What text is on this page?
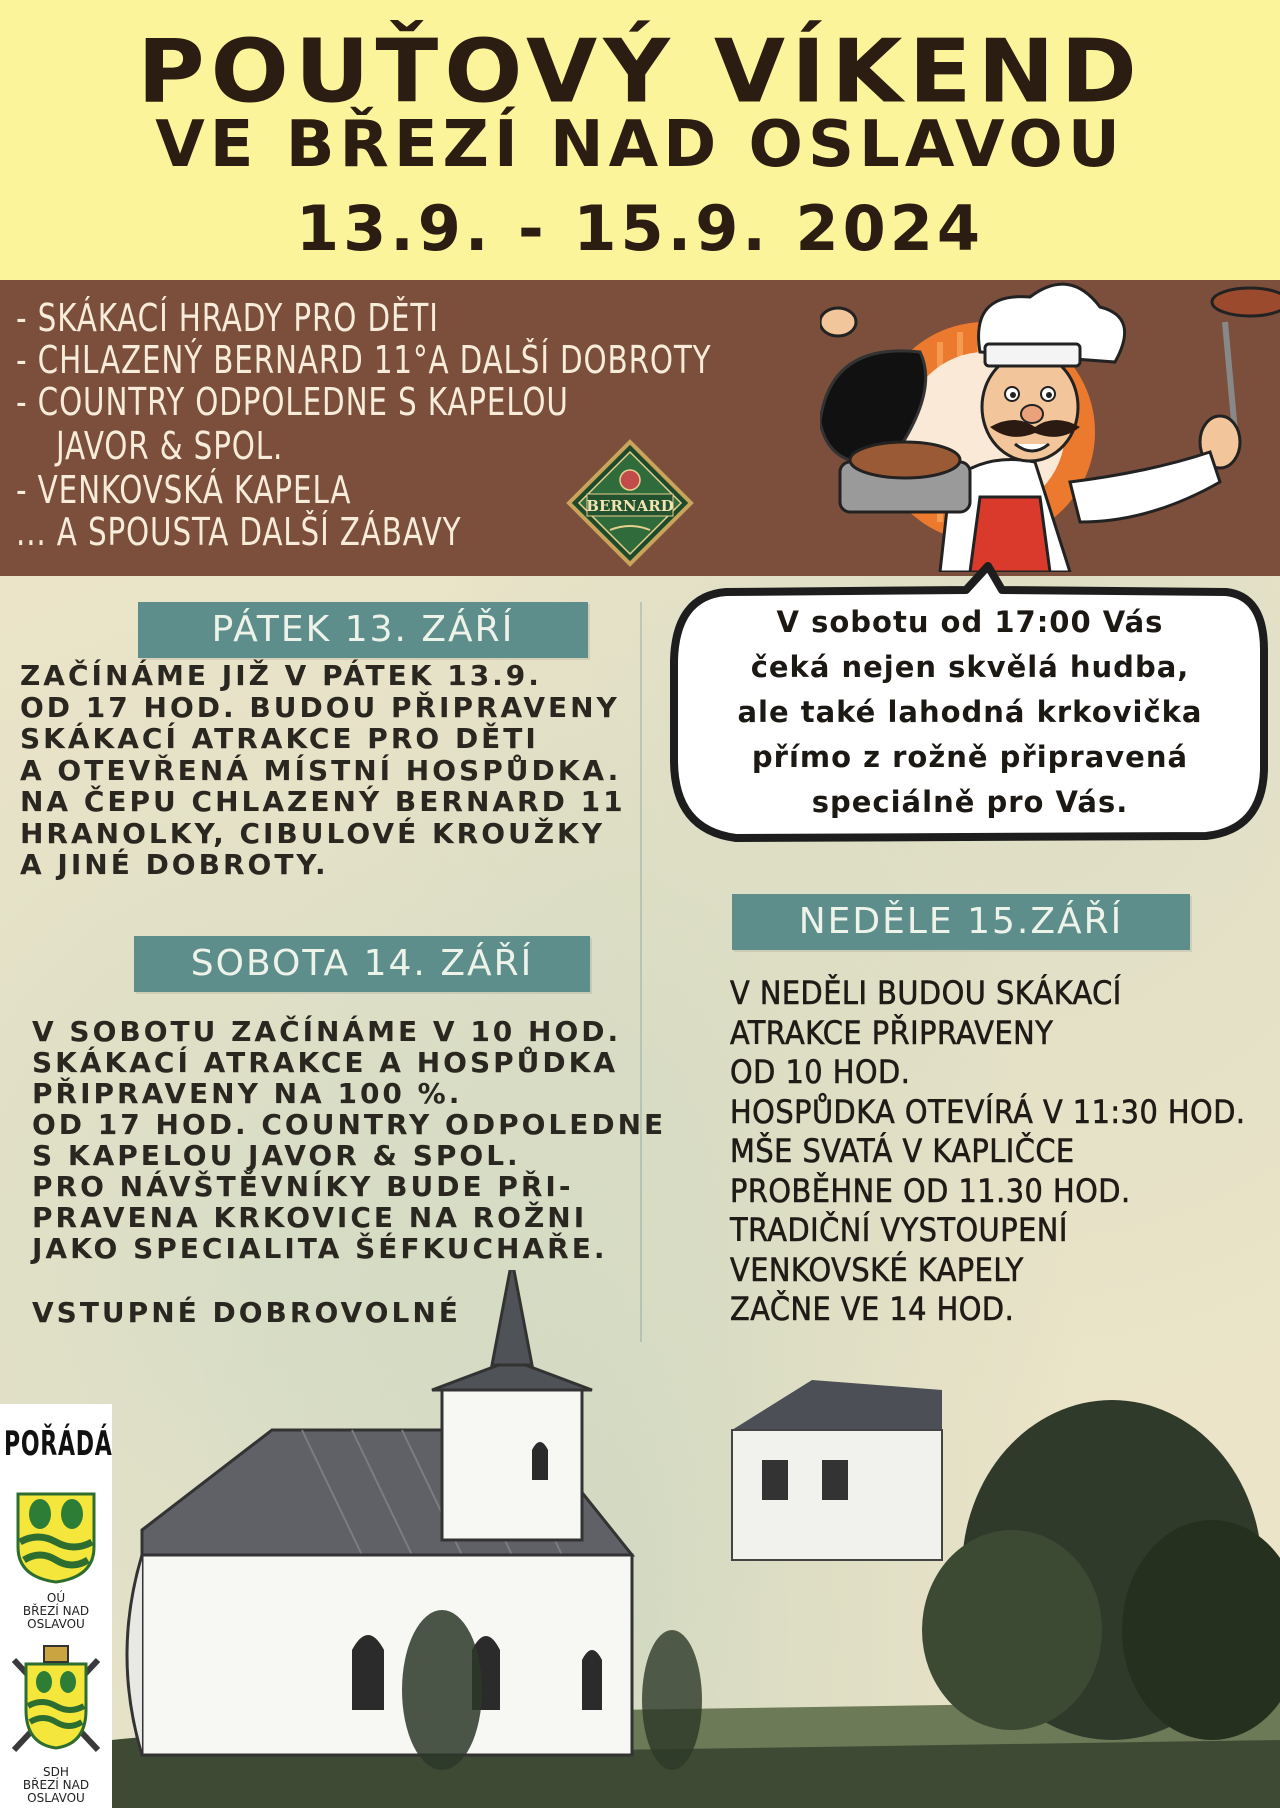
POUŤOVÝ VÍKEND
VE BŘEZÍ NAD OSLAVOU
13.9. - 15.9. 2024
- SKÁKACÍ HRADY PRO DĚTI
- CHLAZENÝ BERNARD 11°A DALŠÍ DOBROTY
- COUNTRY ODPOLEDNE S KAPELOU
JAVOR & SPOL.
- VENKOVSKÁ KAPELA
... A SPOUSTA DALŠÍ ZÁBAVY
BERNARD
V sobotu od 17:00 Vás
čeká nejen skvělá hudba,
ale také lahodná krkovička
přímo z rožně připravená
speciálně pro Vás.
PÁTEK 13. ZÁŘÍ
ZAČÍNÁME JIŽ V PÁTEK 13.9.
OD 17 HOD. BUDOU PŘIPRAVENY
SKÁKACÍ ATRAKCE PRO DĚTI
A OTEVŘENÁ MÍSTNÍ HOSPŮDKA.
NA ČEPU CHLAZENÝ BERNARD 11
HRANOLKY, CIBULOVÉ KROUŽKY
A JINÉ DOBROTY.
SOBOTA 14. ZÁŘÍ
V SOBOTU ZAČÍNÁME V 10 HOD.
SKÁKACÍ ATRAKCE A HOSPŮDKA
PŘIPRAVENY NA 100 %.
OD 17 HOD. COUNTRY ODPOLEDNE
S KAPELOU JAVOR & SPOL.
PRO NÁVŠTĚVNÍKY BUDE PŘI-
PRAVENA KRKOVICE NA ROŽNI
JAKO SPECIALITA ŠÉFKUCHAŘE.
VSTUPNÉ DOBROVOLNÉ
NEDĚLE 15.ZÁŘÍ
V NEDĚLI BUDOU SKÁKACÍ
ATRAKCE PŘIPRAVENY
OD 10 HOD.
HOSPŮDKA OTEVÍRÁ V 11:30 HOD.
MŠE SVATÁ V KAPLIČCE
PROBĚHNE OD 11.30 HOD.
TRADIČNÍ VYSTOUPENÍ
VENKOVSKÉ KAPELY
ZAČNE VE 14 HOD.
POŘÁDÁ
OÚ
BŘEZÍ NAD
OSLAVOU
SDH
BŘEZÍ NAD
OSLAVOU
